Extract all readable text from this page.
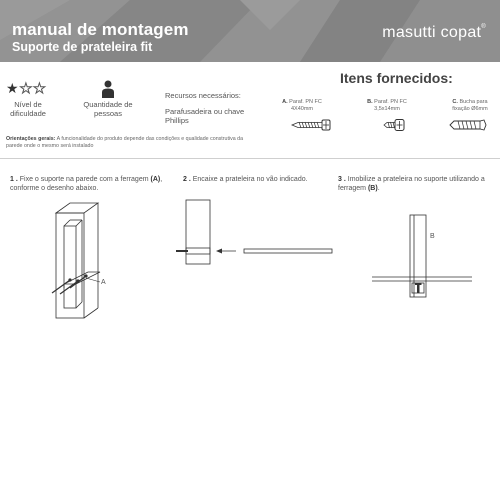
manual de montagem
Suporte de prateleira fit
masutti copat®
★★★
Nível de
dificuldade
Quantidade de
pessoas
Recursos necessários:
Parafusadeira ou chave
Phillips
Itens fornecidos:
A. Paraf. PN FC
4X40mm
B. Paraf. PN FC
3,5x14mm
C. Bucha para
fixação Ø6mm
Orientações gerais: A funcionalidade do produto depende das condições e qualidade construtiva da parede onde o mesmo será instalado
1 . Fixe o suporte na parede com a ferragem (A),
conforme o desenho abaixo.
A
2 . Encaixe a prateleira no vão indicado.	3 . Imobilize a prateleira no suporte utilizando a
ferragem (B).
B
